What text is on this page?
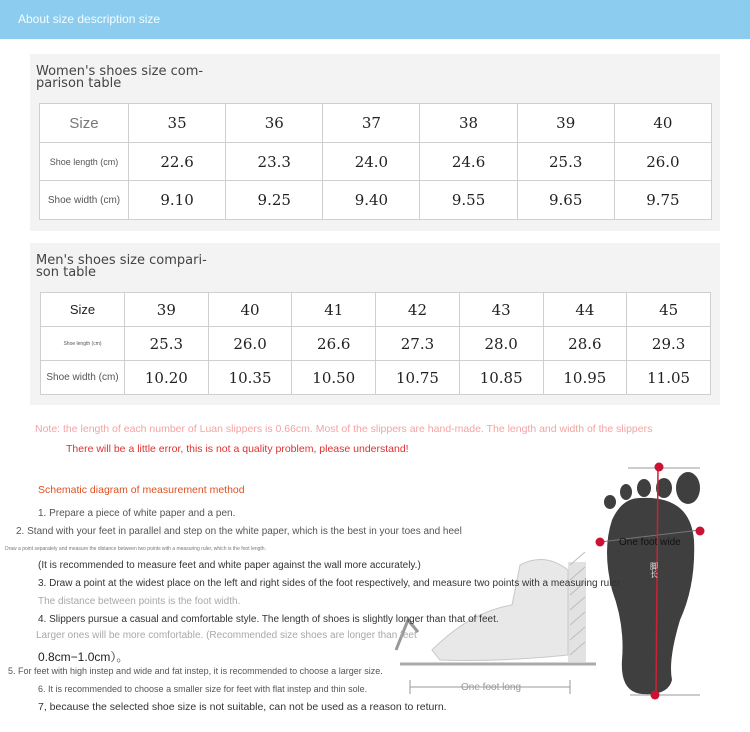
About size description size
Women's shoes size com-
parison table
Size	35	36	37	38	39	40
Shoe length (cm)	22.6	23.3	24.0	24.6	25.3	26.0
Shoe width (cm)	9.10	9.25	9.40	9.55	9.65	9.75
Men's shoes size compari-
son table
Size	39	40	41	42	43	44	45
Shoe length (cm)	25.3	26.0	26.6	27.3	28.0	28.6	29.3
Shoe width (cm)	10.20	10.35	10.50	10.75	10.85	10.95	11.05
Note: the length of each number of Luan slippers is 0.66cm. Most of the slippers are hand-made. The length and width of the slippers
There will be a little error, this is not a quality problem, please understand!
One foot long
One foot wide
脚长
Schematic diagram of measurement method
1. Prepare a piece of white paper and a pen.
2. Stand with your feet in parallel and step on the white paper, which is the best in your toes and heel
Draw a point separately and measure the distance between two points with a measuring ruler, which is the foot length.
(It is recommended to measure feet and white paper against the wall more accurately.)
3. Draw a point at the widest place on the left and right sides of the foot respectively, and measure two points with a measuring ruler
The distance between points is the foot width.
4. Slippers pursue a casual and comfortable style. The length of shoes is slightly longer than that of feet.
Larger ones will be more comfortable. (Recommended size shoes are longer than feet
0.8cm−1.0cm）。
5. For feet with high instep and wide and fat instep, it is recommended to choose a larger size.
6. It is recommended to choose a smaller size for feet with flat instep and thin sole.
7, because the selected shoe size is not suitable, can not be used as a reason to return.
